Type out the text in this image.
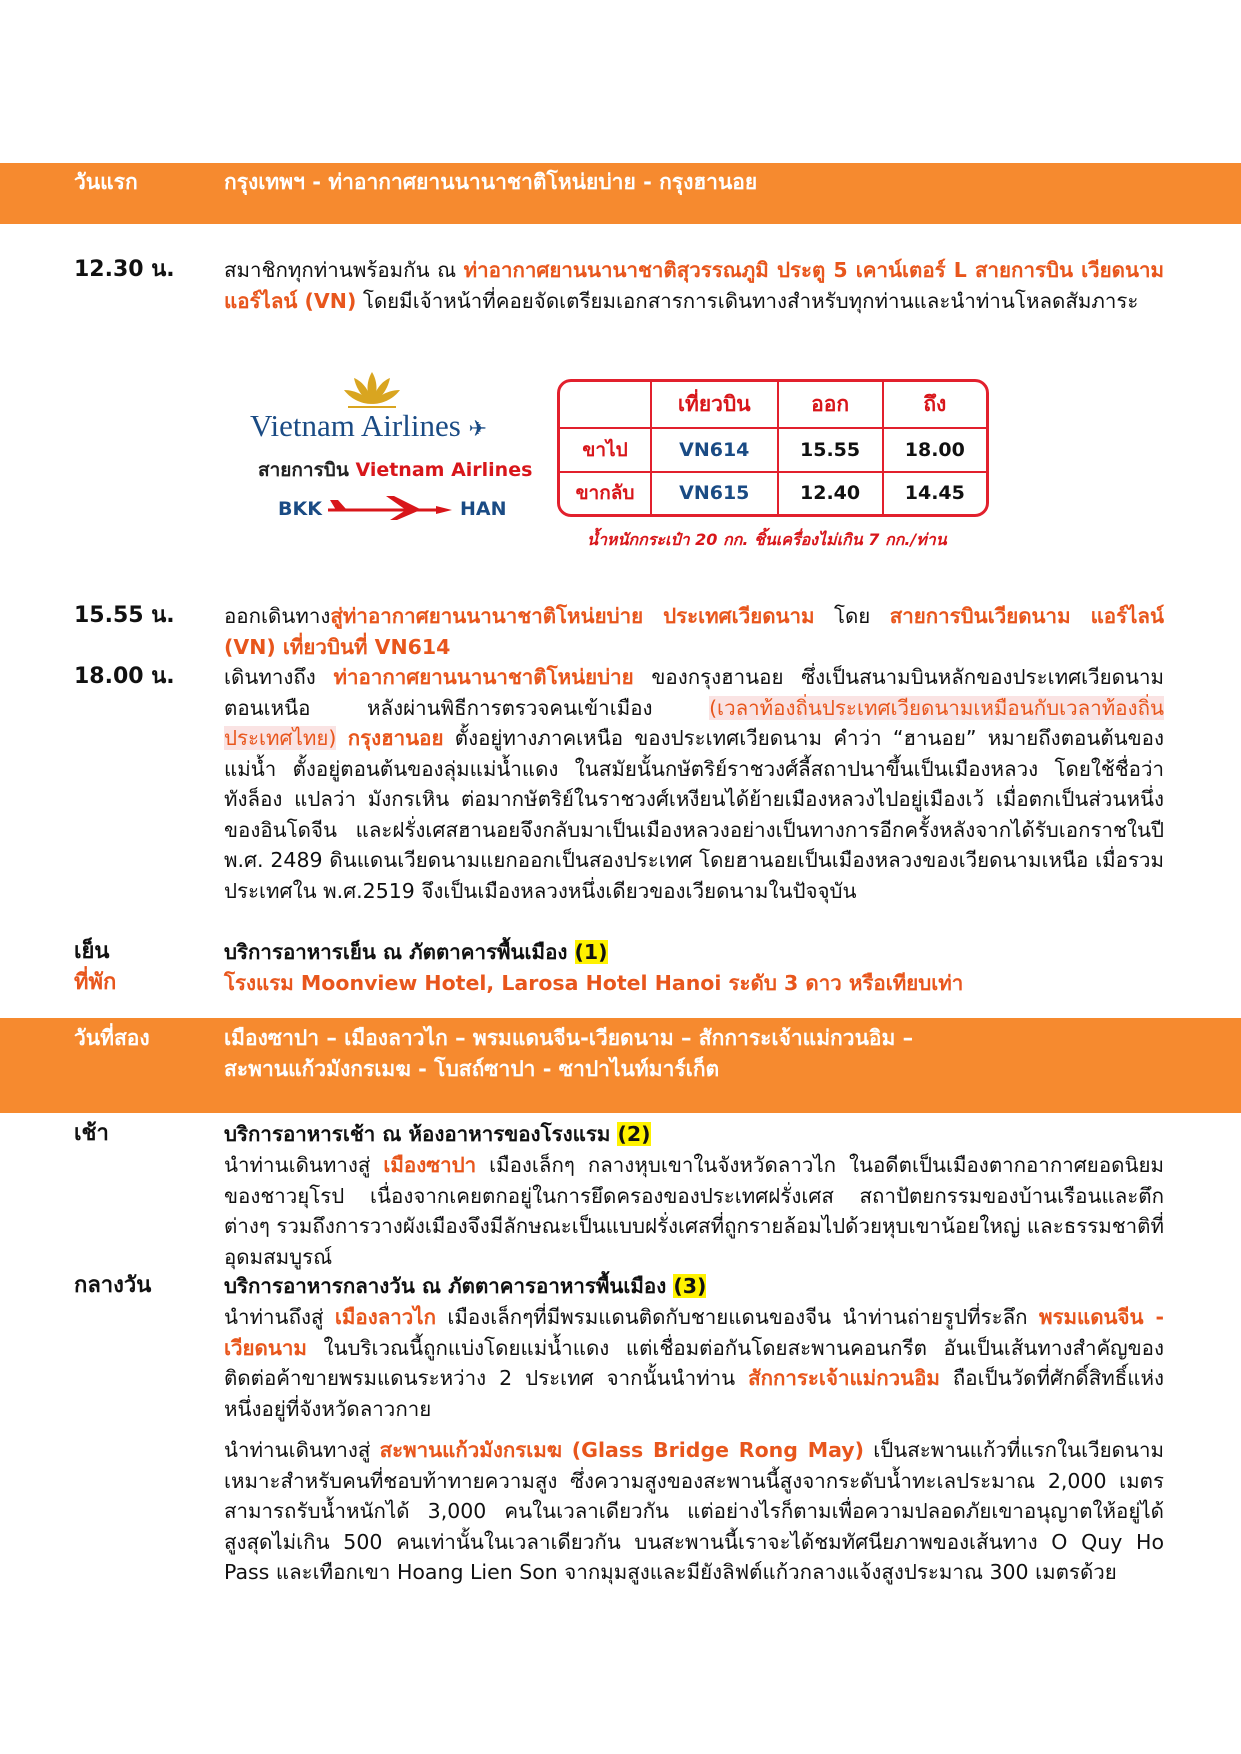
วันแรก	กรุงเทพฯ - ท่าอากาศยานนานาชาติโหน่ยบ่าย - กรุงฮานอย
12.30 น. สมาชิกทุกท่านพร้อมกัน ณ ท่าอากาศยานนานาชาติสุวรรณภูมิ ประตู 5 เคาน์เตอร์ L สายการบิน เวียดนาม แอร์ไลน์ (VN) โดยมีเจ้าหน้าที่คอยจัดเตรียมเอกสารการเดินทางสำหรับทุกท่านและนำท่านโหลดสัมภาระ
Vietnam Airlines ✈
สายการบิน Vietnam Airlines
BKK	HAN
	เที่ยวบิน	ออก	ถึง
ขาไป	VN614	15.55	18.00
ขากลับ	VN615	12.40	14.45
น้ำหนักกระเป๋า 20 กก. ชิ้นเครื่องไม่เกิน 7 กก./ท่าน
15.55 น. ออกเดินทางสู่ท่าอากาศยานนานาชาติโหน่ยบ่าย ประเทศเวียดนาม โดย สายการบินเวียดนาม แอร์ไลน์ (VN) เที่ยวบินที่ VN614
18.00 น. เดินทางถึง ท่าอากาศยานนานาชาติโหน่ยบ่าย ของกรุงฮานอย ซึ่งเป็นสนามบินหลักของประเทศเวียดนามตอนเหนือ หลังผ่านพิธีการตรวจคนเข้าเมือง (เวลาท้องถิ่นประเทศเวียดนามเหมือนกับเวลาท้องถิ่นประเทศไทย) กรุงฮานอย ตั้งอยู่ทางภาคเหนือ ของประเทศเวียดนาม คำว่า “ฮานอย” หมายถึงตอนต้นของแม่น้ำ ตั้งอยู่ตอนต้นของลุ่มแม่น้ำแดง ในสมัยนั้นกษัตริย์ราชวงศ์ลี้สถาปนาขึ้นเป็นเมืองหลวง โดยใช้ชื่อว่า ทังล็อง แปลว่า มังกรเหิน ต่อมากษัตริย์ในราชวงศ์เหงียนได้ย้ายเมืองหลวงไปอยู่เมืองเว้ เมื่อตกเป็นส่วนหนึ่งของอินโดจีน และฝรั่งเศสฮานอยจึงกลับมาเป็นเมืองหลวงอย่างเป็นทางการอีกครั้งหลังจากได้รับเอกราชในปี พ.ศ. 2489 ดินแดนเวียดนามแยกออกเป็นสองประเทศ โดยฮานอยเป็นเมืองหลวงของเวียดนามเหนือ เมื่อรวมประเทศใน พ.ศ.2519 จึงเป็นเมืองหลวงหนึ่งเดียวของเวียดนามในปัจจุบัน
เย็น	บริการอาหารเย็น ณ ภัตตาคารพื้นเมือง (1)
ที่พัก	โรงแรม Moonview Hotel, Larosa Hotel Hanoi ระดับ 3 ดาว หรือเทียบเท่า
วันที่สอง	เมืองซาปา – เมืองลาวไก – พรมแดนจีน-เวียดนาม – สักการะเจ้าแม่กวนอิม –
สะพานแก้วมังกรเมฆ - โบสถ์ซาปา - ซาปาไนท์มาร์เก็ต
เช้า	บริการอาหารเช้า ณ ห้องอาหารของโรงแรม (2)
นำท่านเดินทางสู่ เมืองซาปา เมืองเล็กๆ กลางหุบเขาในจังหวัดลาวไก ในอดีตเป็นเมืองตากอากาศยอดนิยมของชาวยุโรป เนื่องจากเคยตกอยู่ในการยึดครองของประเทศฝรั่งเศส สถาปัตยกรรมของบ้านเรือนและตึกต่างๆ รวมถึงการวางผังเมืองจึงมีลักษณะเป็นแบบฝรั่งเศสที่ถูกรายล้อมไปด้วยหุบเขาน้อยใหญ่ และธรรมชาติที่อุดมสมบูรณ์
กลางวัน	บริการอาหารกลางวัน ณ ภัตตาคารอาหารพื้นเมือง (3)
นำท่านถึงสู่ เมืองลาวไก เมืองเล็กๆที่มีพรมแดนติดกับชายแดนของจีน นำท่านถ่ายรูปที่ระลึก พรมแดนจีน - เวียดนาม ในบริเวณนี้ถูกแบ่งโดยแม่น้ำแดง แต่เชื่อมต่อกันโดยสะพานคอนกรีต อันเป็นเส้นทางสำคัญของติดต่อค้าขายพรมแดนระหว่าง 2 ประเทศ จากนั้นนำท่าน สักการะเจ้าแม่กวนอิม ถือเป็นวัดที่ศักดิ์สิทธิ์แห่งหนึ่งอยู่ที่จังหวัดลาวกาย
นำท่านเดินทางสู่ สะพานแก้วมังกรเมฆ (Glass Bridge Rong May) เป็นสะพานแก้วที่แรกในเวียดนาม เหมาะสำหรับคนที่ชอบท้าทายความสูง ซึ่งความสูงของสะพานนี้สูงจากระดับน้ำทะเลประมาณ 2,000 เมตร สามารถรับน้ำหนักได้ 3,000 คนในเวลาเดียวกัน แต่อย่างไรก็ตามเพื่อความปลอดภัยเขาอนุญาตให้อยู่ได้สูงสุดไม่เกิน 500 คนเท่านั้นในเวลาเดียวกัน บนสะพานนี้เราจะได้ชมทัศนียภาพของเส้นทาง O Quy Ho Pass และเทือกเขา Hoang Lien Son จากมุมสูงและมียังลิฟต์แก้วกลางแจ้งสูงประมาณ 300 เมตรด้วย
